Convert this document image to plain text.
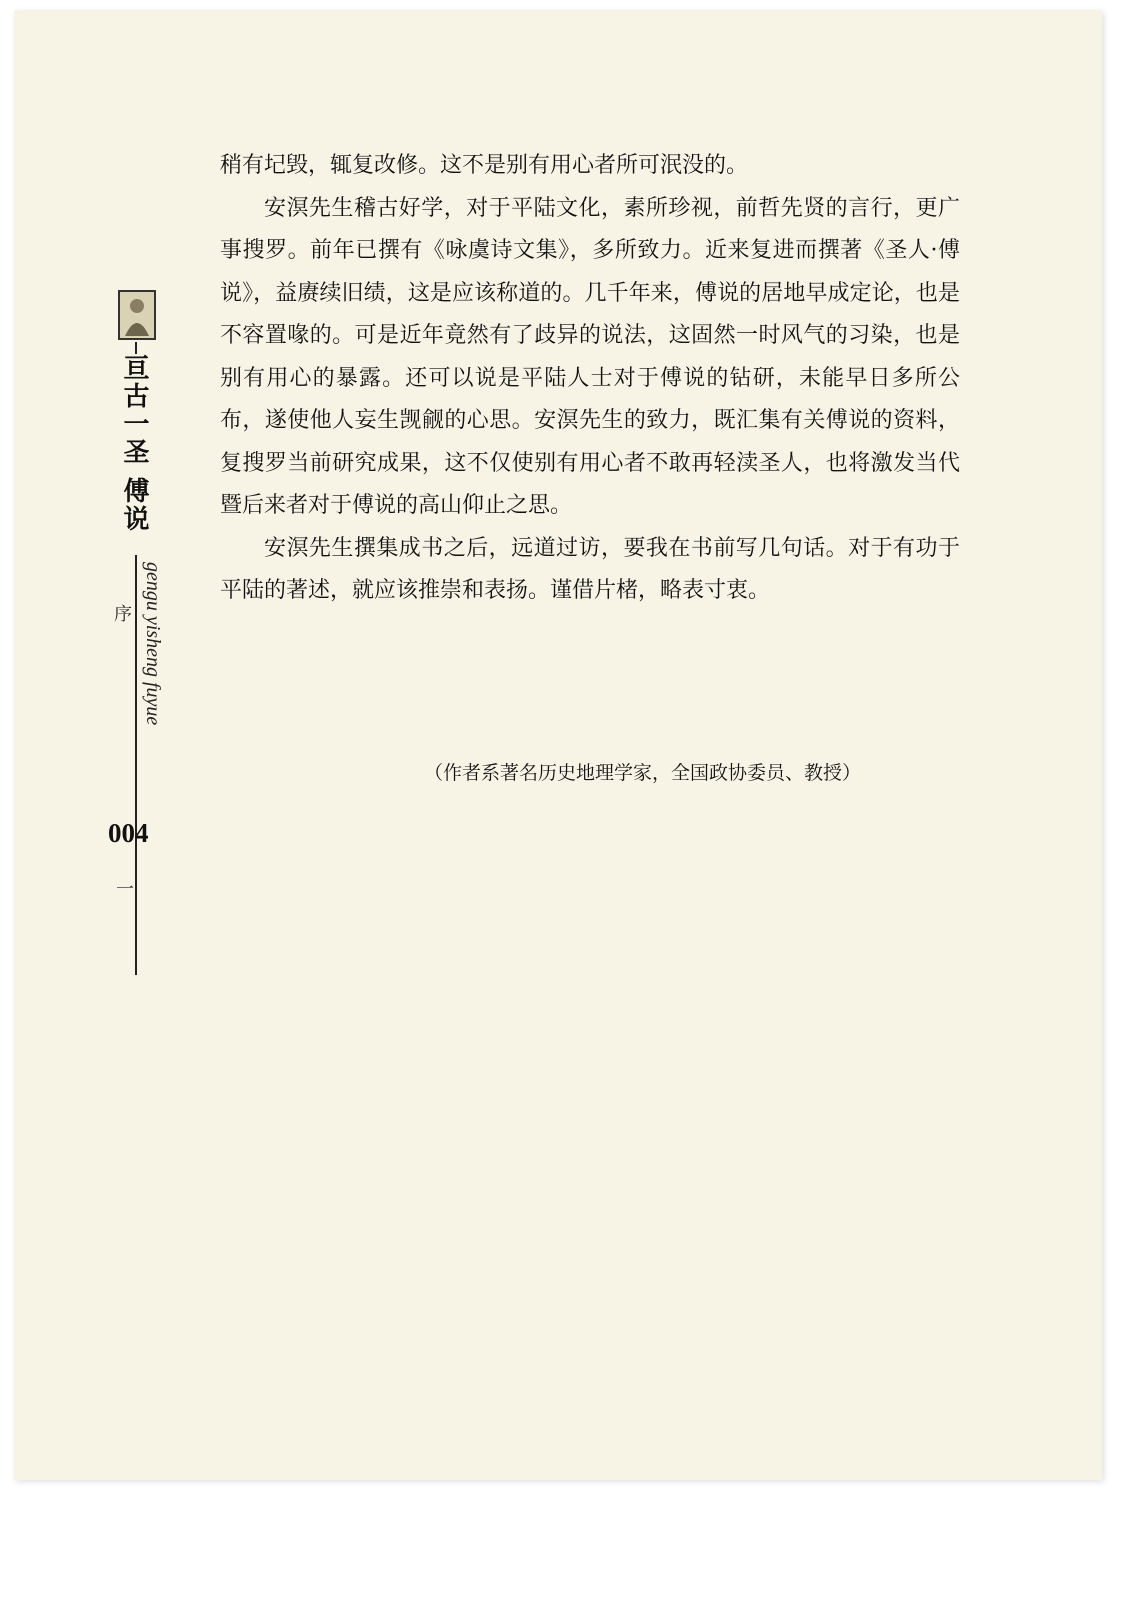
亘古一圣 傅说
序 gengu yisheng fuyue
一
004

稍有圮毁，辄复改修。这不是别有用心者所可泯没的。

安溟先生稽古好学，对于平陆文化，素所珍视，前哲先贤的言行，更广事搜罗。前年已撰有《咏虞诗文集》，多所致力。近来复进而撰著《圣人·傅说》，益赓续旧绩，这是应该称道的。几千年来，傅说的居地早成定论，也是不容置喙的。可是近年竟然有了歧异的说法，这固然一时风气的习染，也是别有用心的暴露。还可以说是平陆人士对于傅说的钻研，未能早日多所公布，遂使他人妄生觊觎的心思。安溟先生的致力，既汇集有关傅说的资料，复搜罗当前研究成果，这不仅使别有用心者不敢再轻渎圣人，也将激发当代暨后来者对于傅说的高山仰止之思。

安溟先生撰集成书之后，远道过访，要我在书前写几句话。对于有功于平陆的著述，就应该推崇和表扬。谨借片楮，略表寸衷。

（作者系著名历史地理学家，全国政协委员、教授）
